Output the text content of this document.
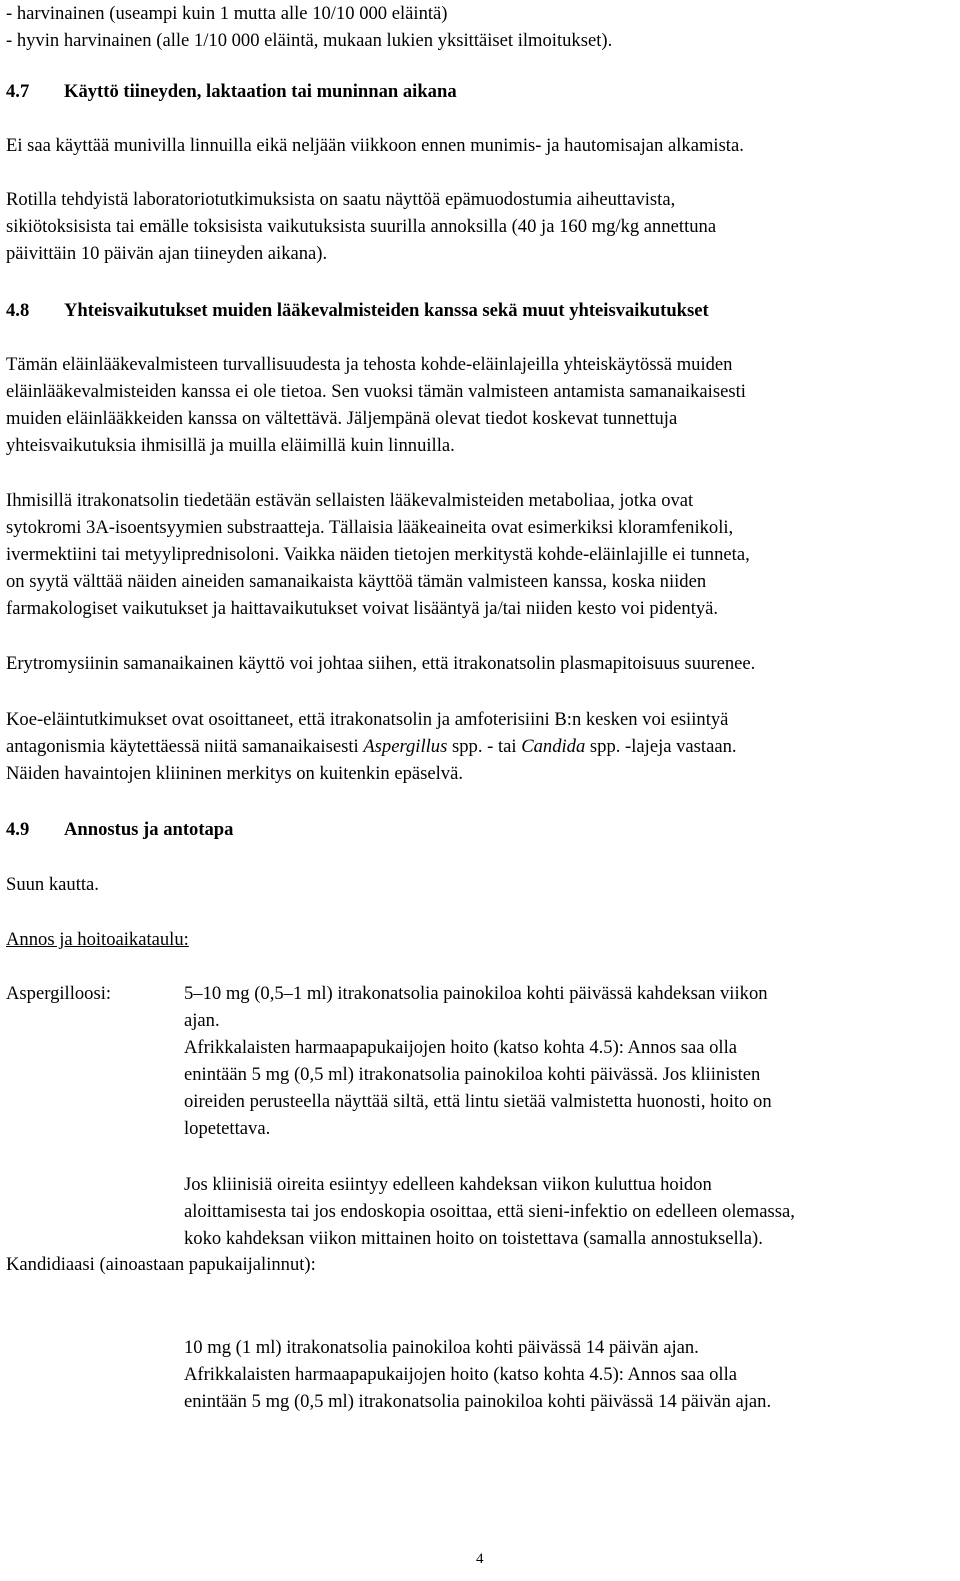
- harvinainen (useampi kuin 1 mutta alle 10/10 000 eläintä)
- hyvin harvinainen (alle 1/10 000 eläintä, mukaan lukien yksittäiset ilmoitukset).
4.7 Käyttö tiineyden, laktaation tai muninnan aikana

Ei saa käyttää munivilla linnuilla eikä neljään viikkoon ennen munimis- ja hautomisajan alkamista.

Rotilla tehdyistä laboratoriotutkimuksista on saatu näyttöä epämuodostumia aiheuttavista,
sikiötoksisista tai emälle toksisista vaikutuksista suurilla annoksilla (40 ja 160 mg/kg annettuna
päivittäin 10 päivän ajan tiineyden aikana).
4.8 Yhteisvaikutukset muiden lääkevalmisteiden kanssa sekä muut yhteisvaikutukset
Tämän eläinlääkevalmisteen turvallisuudesta ja tehosta kohde-eläinlajeilla yhteiskäytössä muiden
eläinlääkevalmisteiden kanssa ei ole tietoa. Sen vuoksi tämän valmisteen antamista samanaikaisesti
muiden eläinlääkkeiden kanssa on vältettävä. Jäljempänä olevat tiedot koskevat tunnettuja
yhteisvaikutuksia ihmisillä ja muilla eläimillä kuin linnuilla.
Ihmisillä itrakonatsolin tiedetään estävän sellaisten lääkevalmisteiden metaboliaa, jotka ovat
sytokromi 3A-isoentsyymien substraatteja. Tällaisia lääkeaineita ovat esimerkiksi kloramfenikoli,
ivermektiini tai metyyliprednisoloni. Vaikka näiden tietojen merkitystä kohde-eläinlajille ei tunneta,
on syytä välttää näiden aineiden samanaikaista käyttöä tämän valmisteen kanssa, koska niiden
farmakologiset vaikutukset ja haittavaikutukset voivat lisääntyä ja/tai niiden kesto voi pidentyä.

Erytromysiinin samanaikainen käyttö voi johtaa siihen, että itrakonatsolin plasmapitoisuus suurenee.

Koe-eläintutkimukset ovat osoittaneet, että itrakonatsolin ja amfoterisiini B:n kesken voi esiintyä
antagonismia käytettäessä niitä samanaikaisesti Aspergillus spp. - tai Candida spp. -lajeja vastaan.
Näiden havaintojen kliininen merkitys on kuitenkin epäselvä.
4.9 Annostus ja antotapa

Suun kautta.

Annos ja hoitoaikataulu:

Aspergilloosi:	5–10 mg (0,5–1 ml) itrakonatsolia painokiloa kohti päivässä kahdeksan viikon
ajan.
Afrikkalaisten harmaapapukaijojen hoito (katso kohta 4.5): Annos saa olla
enintään 5 mg (0,5 ml) itrakonatsolia painokiloa kohti päivässä. Jos kliinisten
oireiden perusteella näyttää siltä, että lintu sietää valmistetta huonosti, hoito on
lopetettava.
Jos kliinisiä oireita esiintyy edelleen kahdeksan viikon kuluttua hoidon
aloittamisesta tai jos endoskopia osoittaa, että sieni-infektio on edelleen olemassa,
koko kahdeksan viikon mittainen hoito on toistettava (samalla annostuksella).

Kandidiaasi (ainoastaan papukaijalinnut):

10 mg (1 ml) itrakonatsolia painokiloa kohti päivässä 14 päivän ajan.
Afrikkalaisten harmaapapukaijojen hoito (katso kohta 4.5): Annos saa olla
enintään 5 mg (0,5 ml) itrakonatsolia painokiloa kohti päivässä 14 päivän ajan.
4
